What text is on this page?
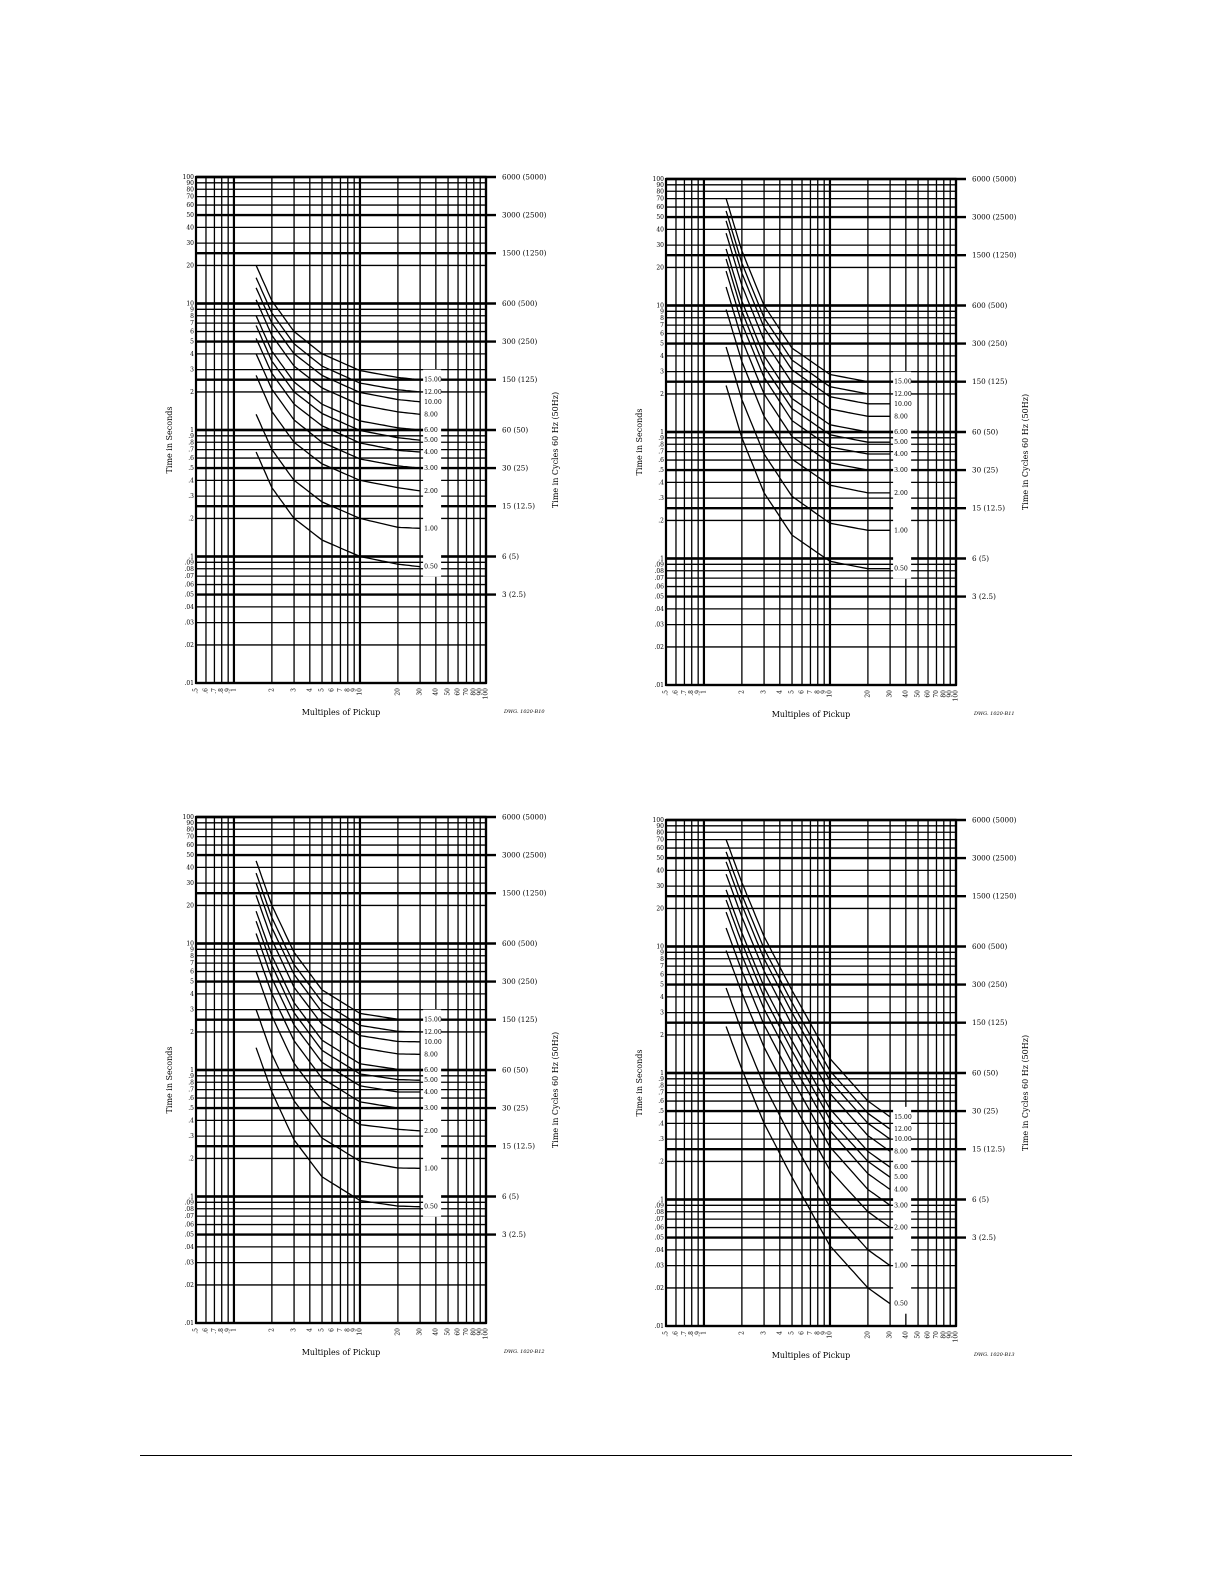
.5 .6 .7 .8 .9
1	2	3 4 5 6 7 8 9
10	20	30 40 50 60 70 80 90
100
.01
.02
.03
.04
.05
.06
.07
.08
.09
.1
.2
.3
.4
.5
.6
.7
.8
.9
1
2
3
4
5
6
7
8
9
10
20
30
40
50
60
70
80
90
100	6000 (5000)
3000 (2500)
1500 (1250)
600 (500)
300 (250)
150 (125)
60 (50)
30 (25)
15 (12.5)
6 (5)
3 (2.5)
15.00
12.00
10.00
8.00
6.00
5.00
4.00
3.00
2.00
1.00
0.50
Multiples of Pickup
Time in Seconds	Time in Cycles 60 Hz (50Hz)
DWG. 1020-B10
.5 .6 .7 .8 .9
1	2	3 4 5 6 7 8 9
10	20	30 40 50 60 70 80 90
100
.01
.02
.03
.04
.05
.06
.07
.08
.09
.1
.2
.3
.4
.5
.6
.7
.8
.9
1
2
3
4
5
6
7
8
9
10
20
30
40
50
60
70
80
90
100	6000 (5000)
3000 (2500)
1500 (1250)
600 (500)
300 (250)
150 (125)
60 (50)
30 (25)
15 (12.5)
6 (5)
3 (2.5)
15.00
12.00
10.00
8.00
6.00
5.00
4.00
3.00
2.00
1.00
0.50
Multiples of Pickup
Time in Seconds	Time in Cycles 60 Hz (50Hz)
DWG. 1020-B11
.5 .6 .7 .8 .9
1	2	3 4 5 6 7 8 9
10	20	30 40 50 60 70 80 90
100
.01
.02
.03
.04
.05
.06
.07
.08
.09
.1
.2
.3
.4
.5
.6
.7
.8
.9
1
2
3
4
5
6
7
8
9
10
20
30
40
50
60
70
80
90
100	6000 (5000)
3000 (2500)
1500 (1250)
600 (500)
300 (250)
150 (125)
60 (50)
30 (25)
15 (12.5)
6 (5)
3 (2.5)
15.00
12.00
10.00
8.00
6.00
5.00
4.00
3.00
2.00
1.00
0.50
Multiples of Pickup
Time in Seconds	Time in Cycles 60 Hz (50Hz)
DWG. 1020-B12
.5 .6 .7 .8 .9
1	2	3 4 5 6 7 8 9
10	20	30 40 50 60 70 80 90
100
.01
.02
.03
.04
.05
.06
.07
.08
.09
.1
.2
.3
.4
.5
.6
.7
.8
.9
1
2
3
4
5
6
7
8
9
10
20
30
40
50
60
70
80
90
100	6000 (5000)
3000 (2500)
1500 (1250)
600 (500)
300 (250)
150 (125)
60 (50)
30 (25)
15 (12.5)
6 (5)
3 (2.5)
15.00
12.00
10.00
8.00
6.00
5.00
4.00
3.00
2.00
1.00
0.50
Multiples of Pickup
Time in Seconds	Time in Cycles 60 Hz (50Hz)
DWG. 1020-B13
